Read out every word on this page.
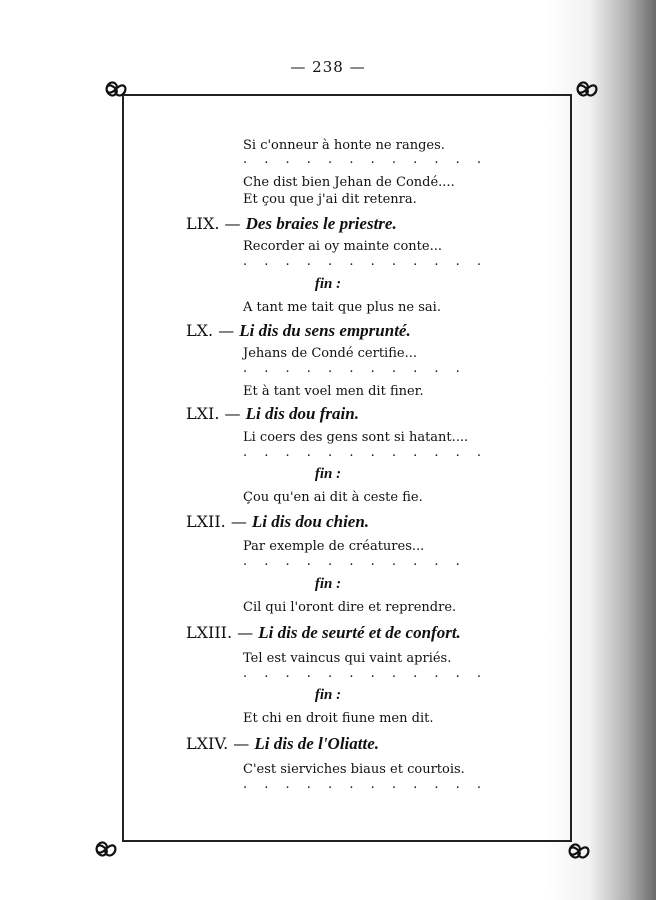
— 238 —
Si c'onneur à honte ne ranges.
. . . . . . . . . . . .
Che dist bien Jehan de Condé....
Et çou que j'ai dit retenra.
LIX. — Des braies le priestre.
Recorder ai oy mainte conte...
. . . . . . . . . . . .
fin :
A tant me tait que plus ne sai.
LX. — Li dis du sens emprunté.
Jehans de Condé certifie...
. . . . . . . . . . .
Et à tant voel men dit finer.
LXI. — Li dis dou frain.
Li coers des gens sont si hatant....
. . . . . . . . . . . .
fin :
Çou qu'en ai dit à ceste fie.
LXII. — Li dis dou chien.
Par exemple de créatures...
. . . . . . . . . . .
fin :
Cil qui l'oront dire et reprendre.
LXIII. — Li dis de seurté et de confort.
Tel est vaincus qui vaint apriés.
. . . . . . . . . . . .
fin :
Et chi en droit fiune men dit.
LXIV. — Li dis de l'Oliatte.
C'est sierviches biaus et courtois.
. . . . . . . . . . . .
